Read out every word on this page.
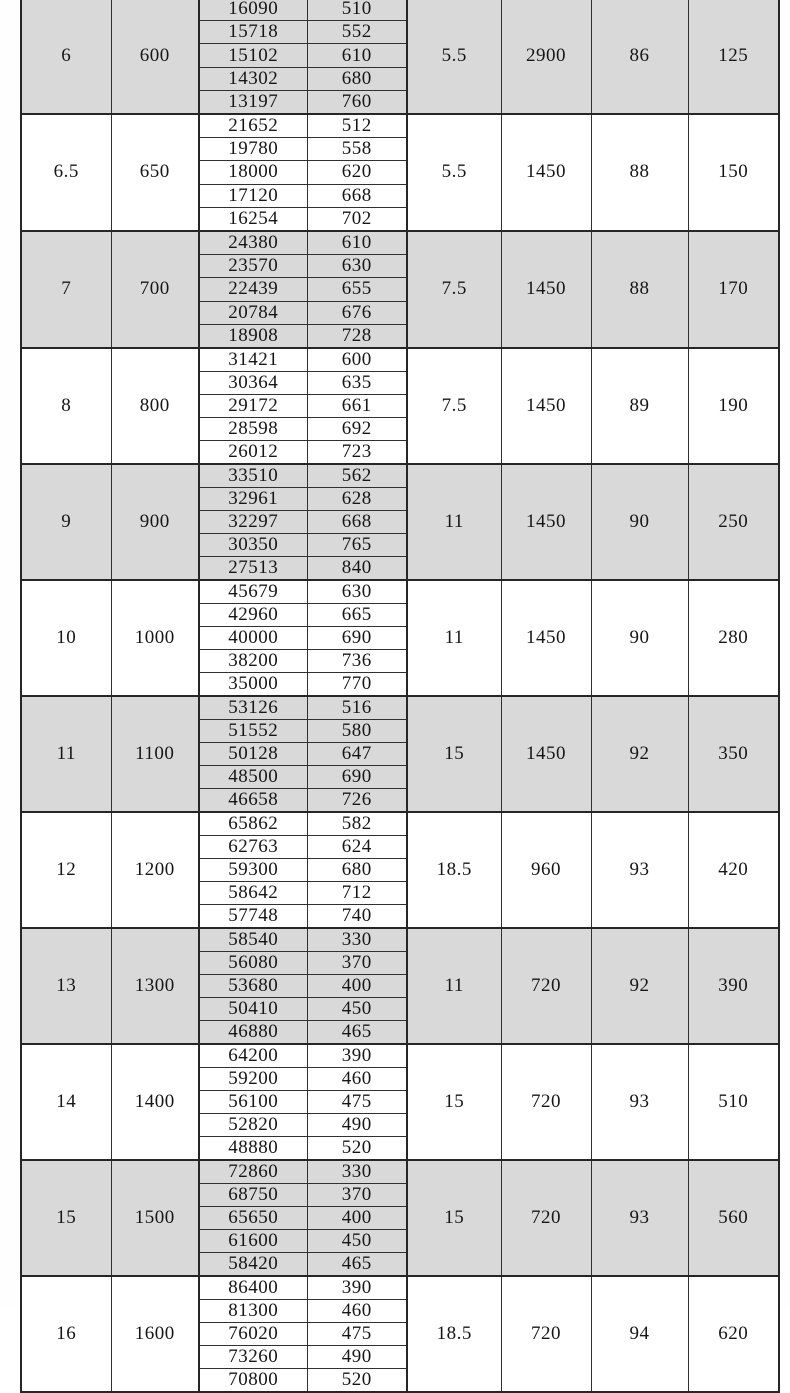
6	600	16090	510	5.5	2900	86	125
		15718	552				
		15102	610				
		14302	680				
		13197	760				
6.5	650	21652	512	5.5	1450	88	150
		19780	558				
		18000	620				
		17120	668				
		16254	702				
7	700	24380	610	7.5	1450	88	170
		23570	630				
		22439	655				
		20784	676				
		18908	728				
8	800	31421	600	7.5	1450	89	190
		30364	635				
		29172	661				
		28598	692				
		26012	723				
9	900	33510	562	11	1450	90	250
		32961	628				
		32297	668				
		30350	765				
		27513	840				
10	1000	45679	630	11	1450	90	280
		42960	665				
		40000	690				
		38200	736				
		35000	770				
11	1100	53126	516	15	1450	92	350
		51552	580				
		50128	647				
		48500	690				
		46658	726				
12	1200	65862	582	18.5	960	93	420
		62763	624				
		59300	680				
		58642	712				
		57748	740				
13	1300	58540	330	11	720	92	390
		56080	370				
		53680	400				
		50410	450				
		46880	465				
14	1400	64200	390	15	720	93	510
		59200	460				
		56100	475				
		52820	490				
		48880	520				
15	1500	72860	330	15	720	93	560
		68750	370				
		65650	400				
		61600	450				
		58420	465				
16	1600	86400	390	18.5	720	94	620
		81300	460				
		76020	475				
		73260	490				
		70800	520				
